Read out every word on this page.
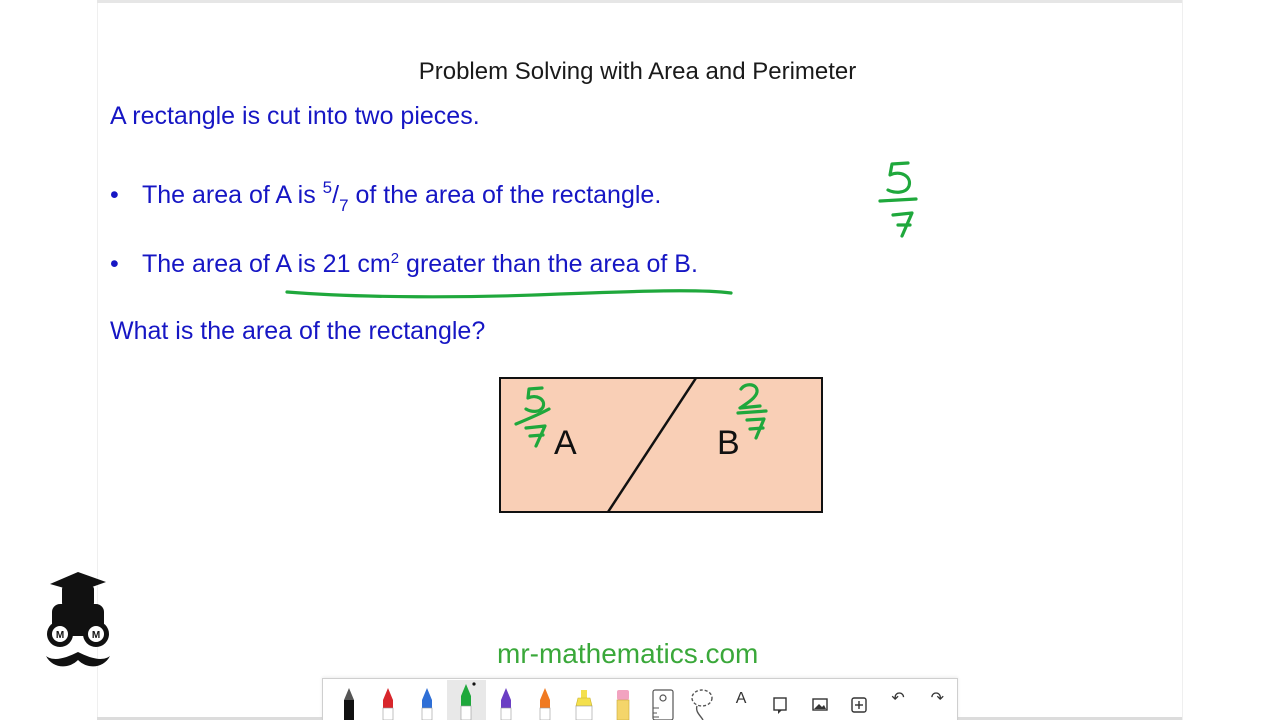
Problem Solving with Area and Perimeter
A rectangle is cut into two pieces.
• The area of A is $^5/_7$ of the area of the rectangle.
• The area of A is 21 $cm^2$ greater than the area of B.
What is the area of the rectangle?
A	B
M	M
mr-mathematics.com
A	↶ ↷
